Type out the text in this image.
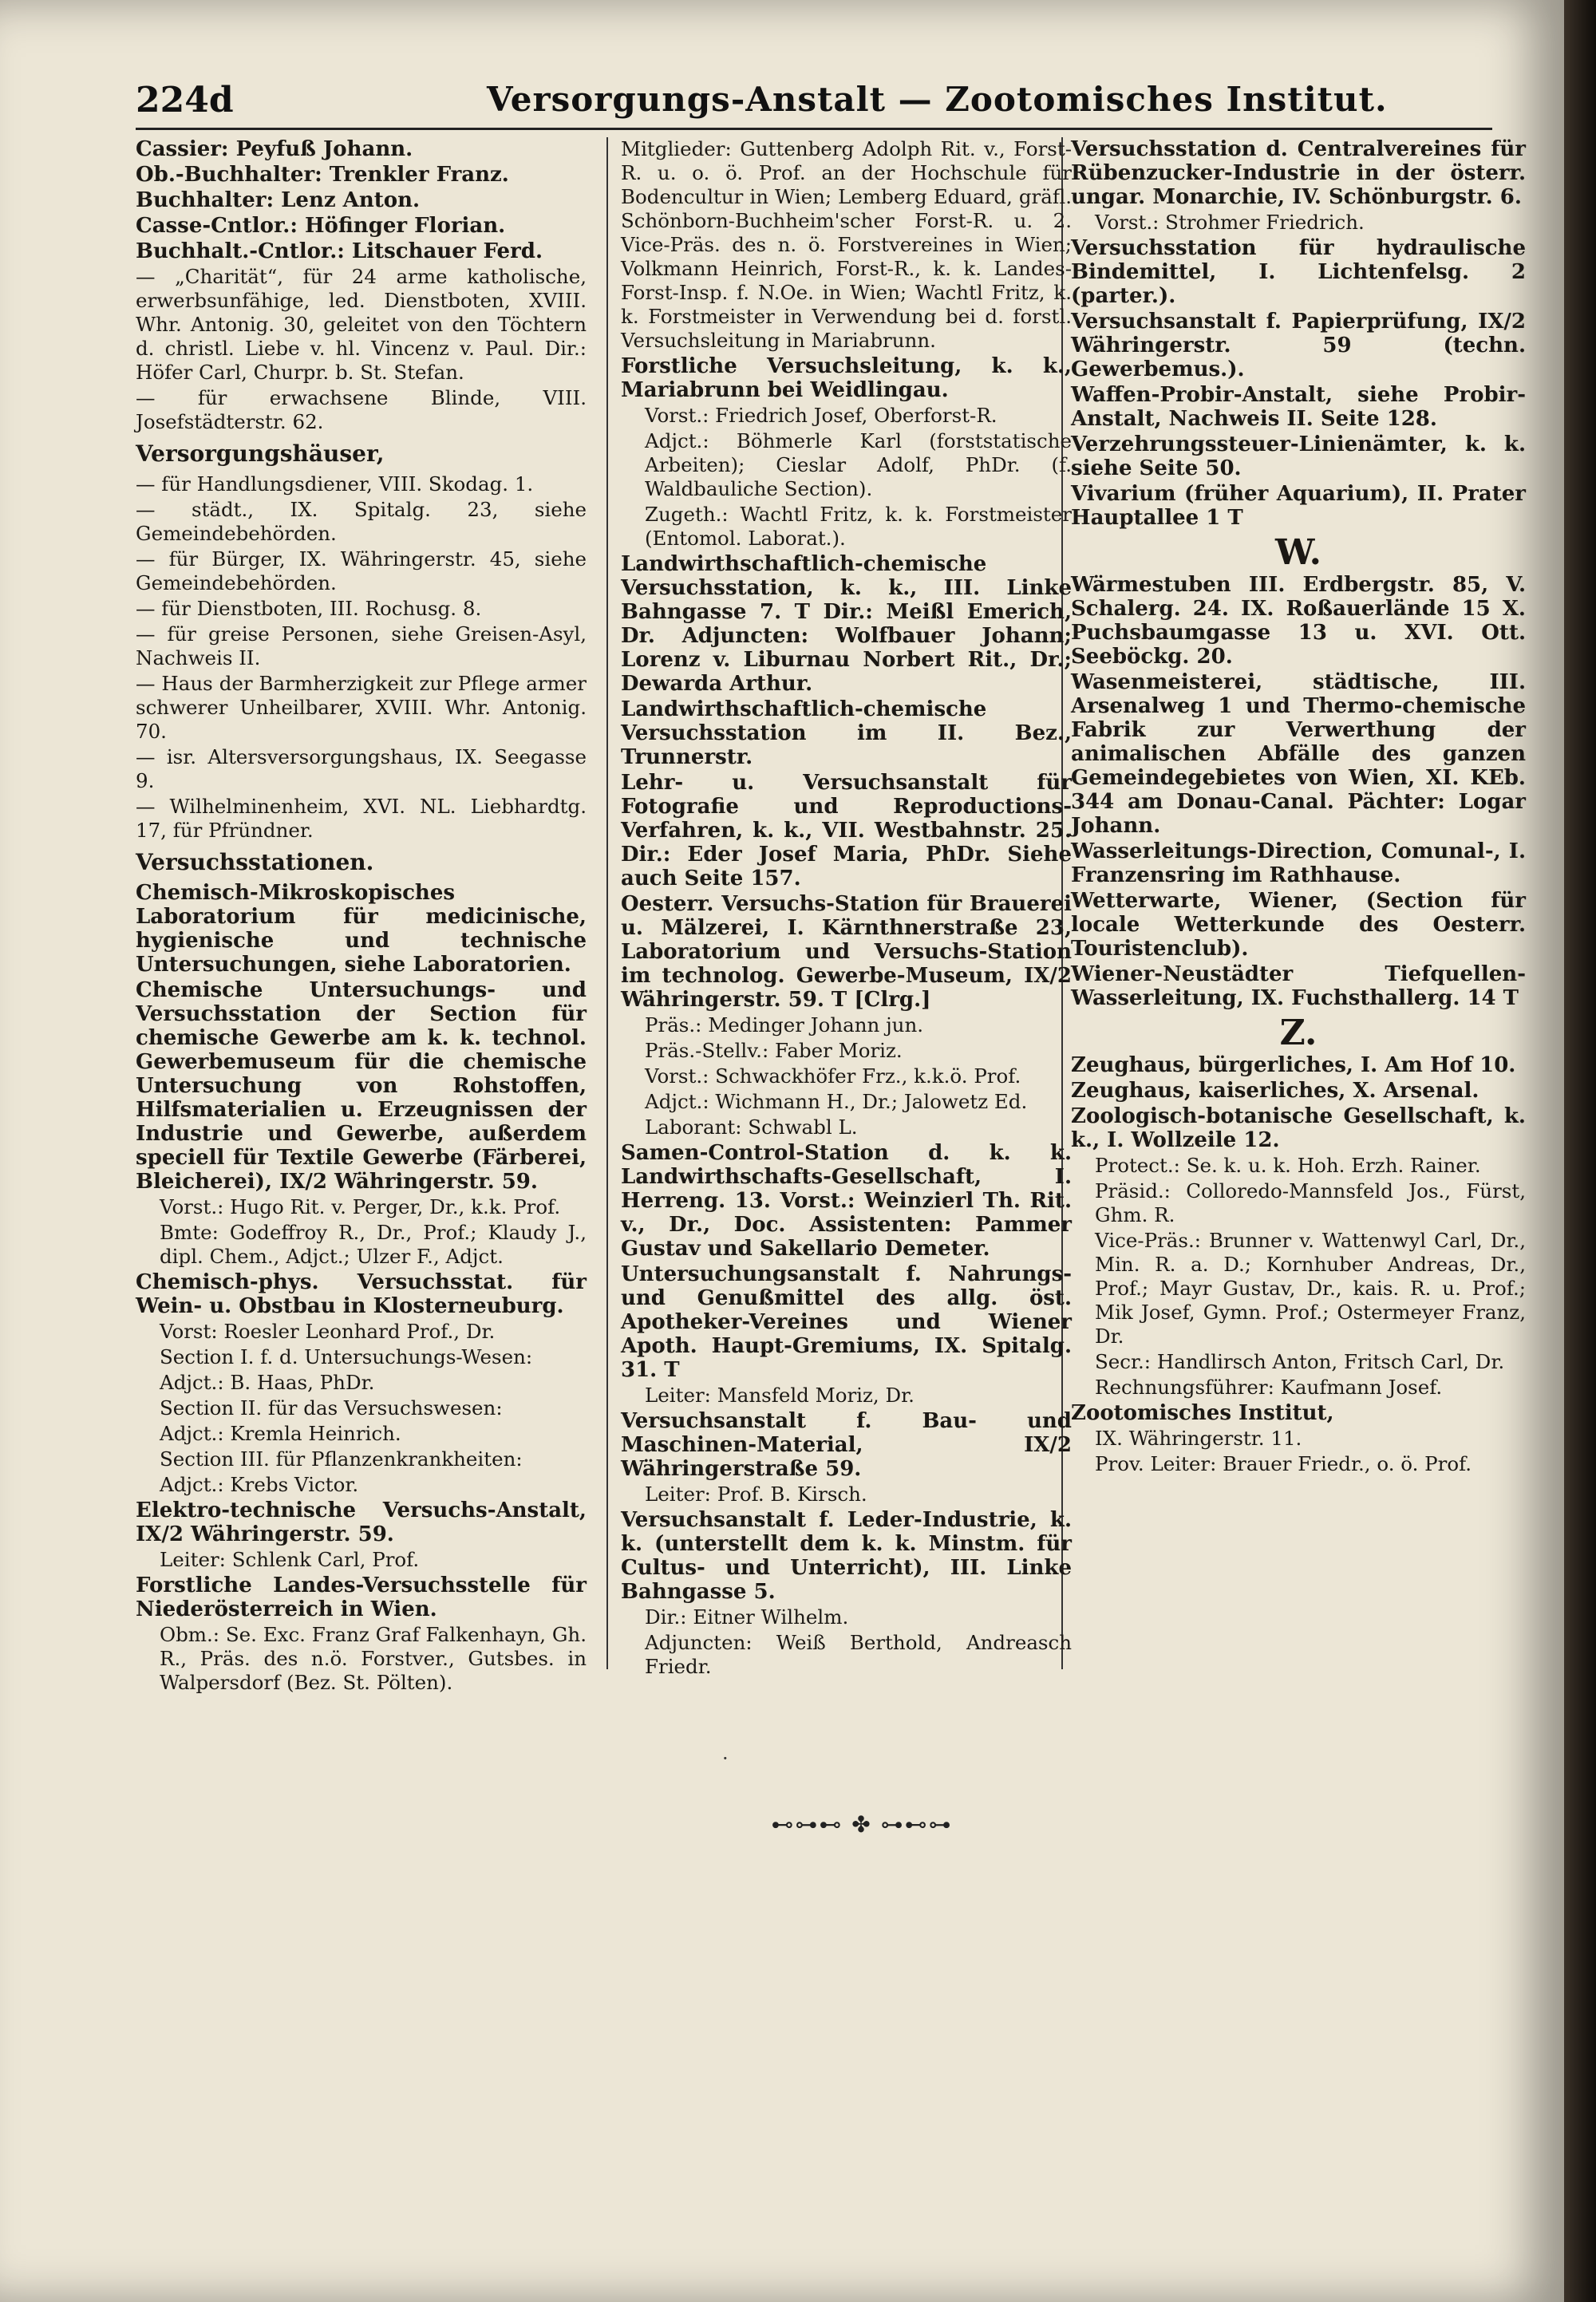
224d	Versorgungs-Anstalt — Zootomisches Institut.
Cassier: Peyfuß Johann.
Ob.-Buchhalter: Trenkler Franz.
Buchhalter: Lenz Anton.
Casse-Cntlor.: Höfinger Florian.
Buchhalt.-Cntlor.: Litschauer Ferd.
— „Charität“, für 24 arme katholische, erwerbsunfähige, led. Dienstboten, XVIII. Whr. Antonig. 30, geleitet von den Töchtern d. christl. Liebe v. hl. Vincenz v. Paul. Dir.: Höfer Carl, Churpr. b. St. Stefan.
— für erwachsene Blinde, VIII. Josefstädterstr. 62.
Versorgungshäuser,
— für Handlungsdiener, VIII. Skodag. 1.
— städt., IX. Spitalg. 23, siehe Gemeindebehörden.
— für Bürger, IX. Währingerstr. 45, siehe Gemeindebehörden.
— für Dienstboten, III. Rochusg. 8.
— für greise Personen, siehe Greisen-Asyl, Nachweis II.
— Haus der Barmherzigkeit zur Pflege armer schwerer Unheilbarer, XVIII. Whr. Antonig. 70.
— isr. Altersversorgungshaus, IX. Seegasse 9.
— Wilhelminenheim, XVI. NL. Liebhardtg. 17, für Pfründner.
Versuchsstationen.
Chemisch-Mikroskopisches Laboratorium für medicinische, hygienische und technische Untersuchungen, siehe Laboratorien.
Chemische Untersuchungs- und Versuchsstation der Section für chemische Gewerbe am k. k. technol. Gewerbemuseum für die chemische Untersuchung von Rohstoffen, Hilfsmaterialien u. Erzeugnissen der Industrie und Gewerbe, außerdem speciell für Textile Gewerbe (Färberei, Bleicherei), IX/2 Währingerstr. 59.
Vorst.: Hugo Rit. v. Perger, Dr., k.k. Prof.
Bmte: Godeffroy R., Dr., Prof.; Klaudy J., dipl. Chem., Adjct.; Ulzer F., Adjct.
Chemisch-phys. Versuchsstat. für Wein- u. Obstbau in Klosterneuburg.
Vorst: Roesler Leonhard Prof., Dr.
Section I. f. d. Untersuchungs-Wesen:
Adjct.: B. Haas, PhDr.
Section II. für das Versuchswesen:
Adjct.: Kremla Heinrich.
Section III. für Pflanzenkrankheiten:
Adjct.: Krebs Victor.
Elektro-technische Versuchs-Anstalt, IX/2 Währingerstr. 59.
Leiter: Schlenk Carl, Prof.
Forstliche Landes-Versuchsstelle für Niederösterreich in Wien.
Obm.: Se. Exc. Franz Graf Falkenhayn, Gh. R., Präs. des n.ö. Forstver., Gutsbes. in Walpersdorf (Bez. St. Pölten).
Mitglieder: Guttenberg Adolph Rit. v., Forst-R. u. o. ö. Prof. an der Hochschule für Bodencultur in Wien; Lemberg Eduard, gräfl. Schönborn-Buchheim'scher Forst-R. u. 2. Vice-Präs. des n. ö. Forstvereines in Wien; Volkmann Heinrich, Forst-R., k. k. Landes-Forst-Insp. f. N.Oe. in Wien; Wachtl Fritz, k. k. Forstmeister in Verwendung bei d. forstl. Versuchsleitung in Mariabrunn.
Forstliche Versuchsleitung, k. k., Mariabrunn bei Weidlingau.
Vorst.: Friedrich Josef, Oberforst-R.
Adjct.: Böhmerle Karl (forststatische Arbeiten); Cieslar Adolf, PhDr. (f. Waldbauliche Section).
Zugeth.: Wachtl Fritz, k. k. Forstmeister (Entomol. Laborat.).
Landwirthschaftlich-chemische Versuchsstation, k. k., III. Linke Bahngasse 7. T Dir.: Meißl Emerich, Dr. Adjuncten: Wolfbauer Johann; Lorenz v. Liburnau Norbert Rit., Dr.; Dewarda Arthur.
Landwirthschaftlich-chemische Versuchsstation im II. Bez., Trunnerstr.
Lehr- u. Versuchsanstalt für Fotografie und Reproductions-Verfahren, k. k., VII. Westbahnstr. 25. Dir.: Eder Josef Maria, PhDr. Siehe auch Seite 157.
Oesterr. Versuchs-Station für Brauerei u. Mälzerei, I. Kärnthnerstraße 23, Laboratorium und Versuchs-Station im technolog. Gewerbe-Museum, IX/2 Währingerstr. 59. T [Clrg.]
Präs.: Medinger Johann jun.
Präs.-Stellv.: Faber Moriz.
Vorst.: Schwackhöfer Frz., k.k.ö. Prof.
Adjct.: Wichmann H., Dr.; Jalowetz Ed.
Laborant: Schwabl L.
Samen-Control-Station d. k. k. Landwirthschafts-Gesellschaft, I. Herreng. 13. Vorst.: Weinzierl Th. Rit. v., Dr., Doc. Assistenten: Pammer Gustav und Sakellario Demeter.
Untersuchungsanstalt f. Nahrungs- und Genußmittel des allg. öst. Apotheker-Vereines und Wiener Apoth. Haupt-Gremiums, IX. Spitalg. 31. T
Leiter: Mansfeld Moriz, Dr.
Versuchsanstalt f. Bau- und Maschinen-Material, IX/2 Währingerstraße 59.
Leiter: Prof. B. Kirsch.
Versuchsanstalt f. Leder-Industrie, k. k. (unterstellt dem k. k. Minstm. für Cultus- und Unterricht), III. Linke Bahngasse 5.
Dir.: Eitner Wilhelm.
Adjuncten: Weiß Berthold, Andreasch Friedr.
Versuchsstation d. Centralvereines für Rübenzucker-Industrie in der österr. ungar. Monarchie, IV. Schönburgstr. 6.
Vorst.: Strohmer Friedrich.
Versuchsstation für hydraulische Bindemittel, I. Lichtenfelsg. 2 (parter.).
Versuchsanstalt f. Papierprüfung, IX/2 Währingerstr. 59 (techn. Gewerbemus.).
Waffen-Probir-Anstalt, siehe Probir-Anstalt, Nachweis II. Seite 128.
Verzehrungssteuer-Linienämter, k. k. siehe Seite 50.
Vivarium (früher Aquarium), II. Prater Hauptallee 1 T
W.
Wärmestuben III. Erdbergstr. 85, V. Schalerg. 24. IX. Roßauerlände 15 X. Puchsbaumgasse 13 u. XVI. Ott. Seeböckg. 20.
Wasenmeisterei, städtische, III. Arsenalweg 1 und Thermo-chemische Fabrik zur Verwerthung der animalischen Abfälle des ganzen Gemeindegebietes von Wien, XI. KEb. 344 am Donau-Canal. Pächter: Logar Johann.
Wasserleitungs-Direction, Comunal-, I. Franzensring im Rathhause.
Wetterwarte, Wiener, (Section für locale Wetterkunde des Oesterr. Touristenclub).
Wiener-Neustädter Tiefquellen-Wasserleitung, IX. Fuchsthallerg. 14 T
Z.
Zeughaus, bürgerliches, I. Am Hof 10.
Zeughaus, kaiserliches, X. Arsenal.
Zoologisch-botanische Gesellschaft, k. k., I. Wollzeile 12.
Protect.: Se. k. u. k. Hoh. Erzh. Rainer.
Präsid.: Colloredo-Mannsfeld Jos., Fürst, Ghm. R.
Vice-Präs.: Brunner v. Wattenwyl Carl, Dr., Min. R. a. D.; Kornhuber Andreas, Dr., Prof.; Mayr Gustav, Dr., kais. R. u. Prof.; Mik Josef, Gymn. Prof.; Ostermeyer Franz, Dr.
Secr.: Handlirsch Anton, Fritsch Carl, Dr.
Rechnungsführer: Kaufmann Josef.
Zootomisches Institut,
IX. Währingerstr. 11.
Prov. Leiter: Brauer Friedr., o. ö. Prof.
·
⊷⊶⊷ ✤ ⊶⊷⊶
